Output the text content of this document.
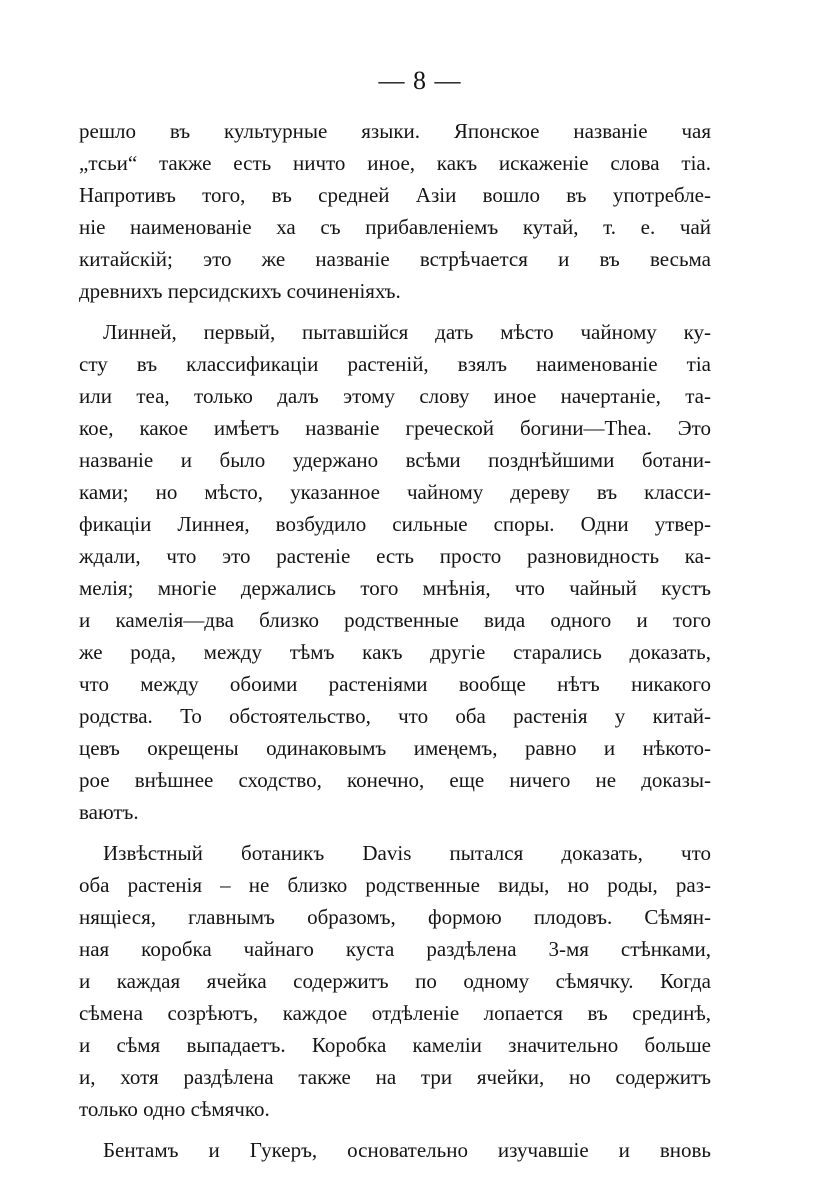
— 8 —
решло въ культурные языки. Японское названіе чая
„тсьи“ также есть ничто иное, какъ искаженіе слова тіа.
Напротивъ того, въ средней Азіи вошло въ употребле-
ніе наименованіе ха съ прибавленіемъ кутай, т. е. чай
китайскій; это же названіе встрѣчается и въ весьма
древнихъ персидскихъ сочиненіяхъ.
Линней, первый, пытавшійся дать мѣсто чайному ку-
сту въ классификаціи растеній, взялъ наименованіе тіа
или теа, только далъ этому слову иное начертаніе, та-
кое, какое имѣетъ названіе греческой богини—Thea. Это
названіе и было удержано всѣми позднѣйшими ботани-
ками; но мѣсто, указанное чайному дереву въ класси-
фикаціи Линнея, возбудило сильные споры. Одни утвер-
ждали, что это растеніе есть просто разновидность ка-
мелія; многіе держались того мнѣнія, что чайный кустъ
и камелія—два близко родственные вида одного и того
же рода, между тѣмъ какъ другіе старались доказать,
что между обоими растеніями вообще нѣтъ никакого
родства. То обстоятельство, что оба растенія у китай-
цевъ окрещены одинаковымъ имеңемъ, равно и нѣкото-
рое внѣшнее сходство, конечно, еще ничего не доказы-
ваютъ.
Извѣстный ботаникъ Davis пытался доказать, что
оба растенія – не близко родственные виды, но роды, раз-
нящіеся, главнымъ образомъ, формою плодовъ. Сѣмян-
ная коробка чайнаго куста раздѣлена 3-мя стѣнками,
и каждая ячейка содержитъ по одному сѣмячку. Когда
сѣмена созрѣютъ, каждое отдѣленіе лопается въ срединѣ,
и сѣмя выпадаетъ. Коробка камеліи значительно больше
и, хотя раздѣлена также на три ячейки, но содержитъ
только одно сѣмячко.
Бентамъ и Гукеръ, основательно изучавшіе и вновь
